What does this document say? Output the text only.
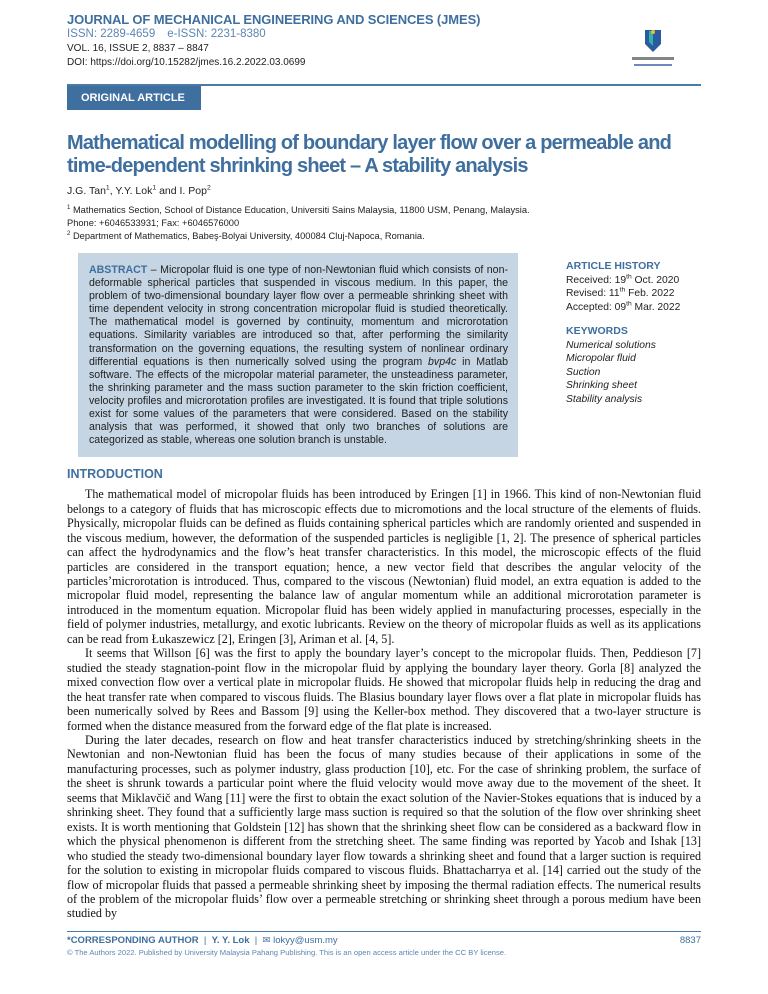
JOURNAL OF MECHANICAL ENGINEERING AND SCIENCES (JMES)
ISSN: 2289-4659 e-ISSN: 2231-8380
VOL. 16, ISSUE 2, 8837 – 8847
DOI: https://doi.org/10.15282/jmes.16.2.2022.03.0699
ORIGINAL ARTICLE
Mathematical modelling of boundary layer flow over a permeable and time-dependent shrinking sheet – A stability analysis
J.G. Tan$^1$, Y.Y. Lok$^1$ and I. Pop$^2$
$^1$ Mathematics Section, School of Distance Education, Universiti Sains Malaysia, 11800 USM, Penang, Malaysia.
Phone: +6046533931; Fax: +6046576000
$^2$ Department of Mathematics, Babeş-Bolyai University, 400084 Cluj-Napoca, Romania.
ABSTRACT – Micropolar fluid is one type of non-Newtonian fluid which consists of non-deformable spherical particles that suspended in viscous medium. In this paper, the problem of two-dimensional boundary layer flow over a permeable shrinking sheet with time dependent velocity in strong concentration micropolar fluid is studied theoretically. The mathematical model is governed by continuity, momentum and microrotation equations. Similarity variables are introduced so that, after performing the similarity transformation on the governing equations, the resulting system of nonlinear ordinary differential equations is then numerically solved using the program bvp4c in Matlab software. The effects of the micropolar material parameter, the unsteadiness parameter, the shrinking parameter and the mass suction parameter to the skin friction coefficient, velocity profiles and microrotation profiles are investigated. It is found that triple solutions exist for some values of the parameters that were considered. Based on the stability analysis that was performed, it showed that only two branches of solutions are categorized as stable, whereas one solution branch is unstable.
ARTICLE HISTORY
Received: 19th Oct. 2020
Revised: 11th Feb. 2022
Accepted: 09th Mar. 2022
KEYWORDS
Numerical solutions
Micropolar fluid
Suction
Shrinking sheet
Stability analysis
INTRODUCTION

The mathematical model of micropolar fluids has been introduced by Eringen [1] in 1966. This kind of non-Newtonian fluid belongs to a category of fluids that has microscopic effects due to micromotions and the local structure of the elements of fluids. Physically, micropolar fluids can be defined as fluids containing spherical particles which are randomly oriented and suspended in the viscous medium, however, the deformation of the suspended particles is negligible [1, 2]. The presence of spherical particles can affect the hydrodynamics and the flow’s heat transfer characteristics. In this model, the microscopic effects of the fluid particles are considered in the transport equation; hence, a new vector field that describes the angular velocity of the particles’microrotation is introduced. Thus, compared to the viscous (Newtonian) fluid model, an extra equation is added to the micropolar fluid model, representing the balance law of angular momentum while an additional microrotation parameter is introduced in the momentum equation. Micropolar fluid has been widely applied in manufacturing processes, especially in the field of polymer industries, metallurgy, and exotic lubricants. Review on the theory of micropolar fluids as well as its applications can be read from Łukaszewicz [2], Eringen [3], Ariman et al. [4, 5].

It seems that Willson [6] was the first to apply the boundary layer’s concept to the micropolar fluids. Then, Peddieson [7] studied the steady stagnation-point flow in the micropolar fluid by applying the boundary layer theory. Gorla [8] analyzed the mixed convection flow over a vertical plate in micropolar fluids. He showed that micropolar fluids help in reducing the drag and the heat transfer rate when compared to viscous fluids. The Blasius boundary layer flows over a flat plate in micropolar fluids has been numerically solved by Rees and Bassom [9] using the Keller-box method. They discovered that a two-layer structure is formed when the distance measured from the forward edge of the flat plate is increased.

During the later decades, research on flow and heat transfer characteristics induced by stretching/shrinking sheets in the Newtonian and non-Newtonian fluid has been the focus of many studies because of their applications in some of the manufacturing processes, such as polymer industry, glass production [10], etc. For the case of shrinking problem, the surface of the sheet is shrunk towards a particular point where the fluid velocity would move away due to the movement of the sheet. It seems that Miklavčič and Wang [11] were the first to obtain the exact solution of the Navier-Stokes equations that is induced by a shrinking sheet. They found that a sufficiently large mass suction is required so that the solution of the flow over shrinking sheet exists. It is worth mentioning that Goldstein [12] has shown that the shrinking sheet flow can be considered as a backward flow in which the physical phenomenon is different from the stretching sheet. The same finding was reported by Yacob and Ishak [13] who studied the steady two-dimensional boundary layer flow towards a shrinking sheet and found that a larger suction is required for the solution to existing in micropolar fluids compared to viscous fluids. Bhattacharrya et al. [14] carried out the study of the flow of micropolar fluids that passed a permeable shrinking sheet by imposing the thermal radiation effects. The numerical results of the problem of the micropolar fluids’ flow over a permeable stretching or shrinking sheet through a porous medium have been studied by

*CORRESPONDING AUTHOR  |  Y. Y. Lok  |  ✉ lokyy@usm.my	8837
© The Authors 2022. Published by University Malaysia Pahang Publishing. This is an open access article under the CC BY license.
